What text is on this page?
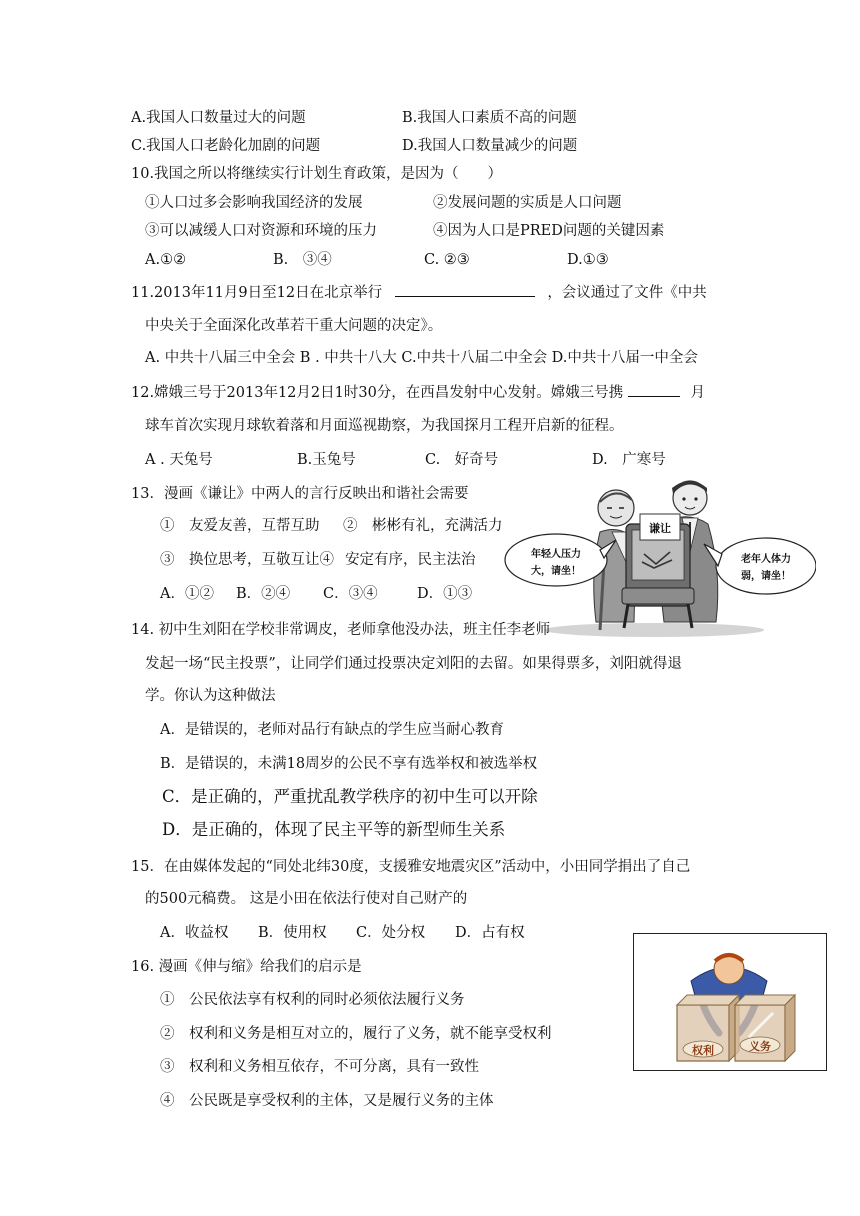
A.我国人口数量过大的问题	B.我国人口素质不高的问题
C.我国人口老龄化加剧的问题	D.我国人口数量减少的问题
10.我国之所以将继续实行计划生育政策，是因为（　　）
①人口过多会影响我国经济的发展	②发展问题的实质是人口问题
③可以减缓人口对资源和环境的压力	④因为人口是PRED问题的关键因素
A.①②	B.　③④	C. ②③	D.①③
11.2013年11月9日至12日在北京举行	，会议通过了文件《中共
中央关于全面深化改革若干重大问题的决定》。
A. 中共十八届三中全会 B . 中共十八大 C.中共十八届二中全会 D.中共十八届一中全会
12.嫦娥三号于2013年12月2日1时30分，在西昌发射中心发射。嫦娥三号携	月
球车首次实现月球软着落和月面巡视勘察，为我国探月工程开启新的征程。
A . 天兔号	B.玉兔号	C.　好奇号	D.　广寒号
13．漫画《谦让》中两人的言行反映出和谐社会需要
①　友爱友善，互帮互助 ②　彬彬有礼，充满活力
③　换位思考，互敬互让④ 安定有序，民主法治
A．①② B．②④ C．③④	D．①③
谦让
年轻人压力
大，请坐！
老年人体力
弱，请坐！
14. 初中生刘阳在学校非常调皮，老师拿他没办法，班主任李老师
发起一场“民主投票”，让同学们通过投票决定刘阳的去留。如果得票多，刘阳就得退
学。你认为这种做法
A．是错误的，老师对品行有缺点的学生应当耐心教育
B．是错误的，未满18周岁的公民不享有选举权和被选举权
C．是正确的，严重扰乱教学秩序的初中生可以开除
D．是正确的，体现了民主平等的新型师生关系
15．在由媒体发起的“同处北纬30度，支援雅安地震灾区”活动中，小田同学捐出了自己
的500元稿费。 这是小田在依法行使对自己财产的
A．收益权 B．使用权 C．处分权 D．占有权
16. 漫画《伸与缩》给我们的启示是
①　公民依法享有权利的同时必须依法履行义务
②　权利和义务是相互对立的，履行了义务，就不能享受权利
③　权利和义务相互依存，不可分离，具有一致性
④　公民既是享受权利的主体，又是履行义务的主体
权利	义务
